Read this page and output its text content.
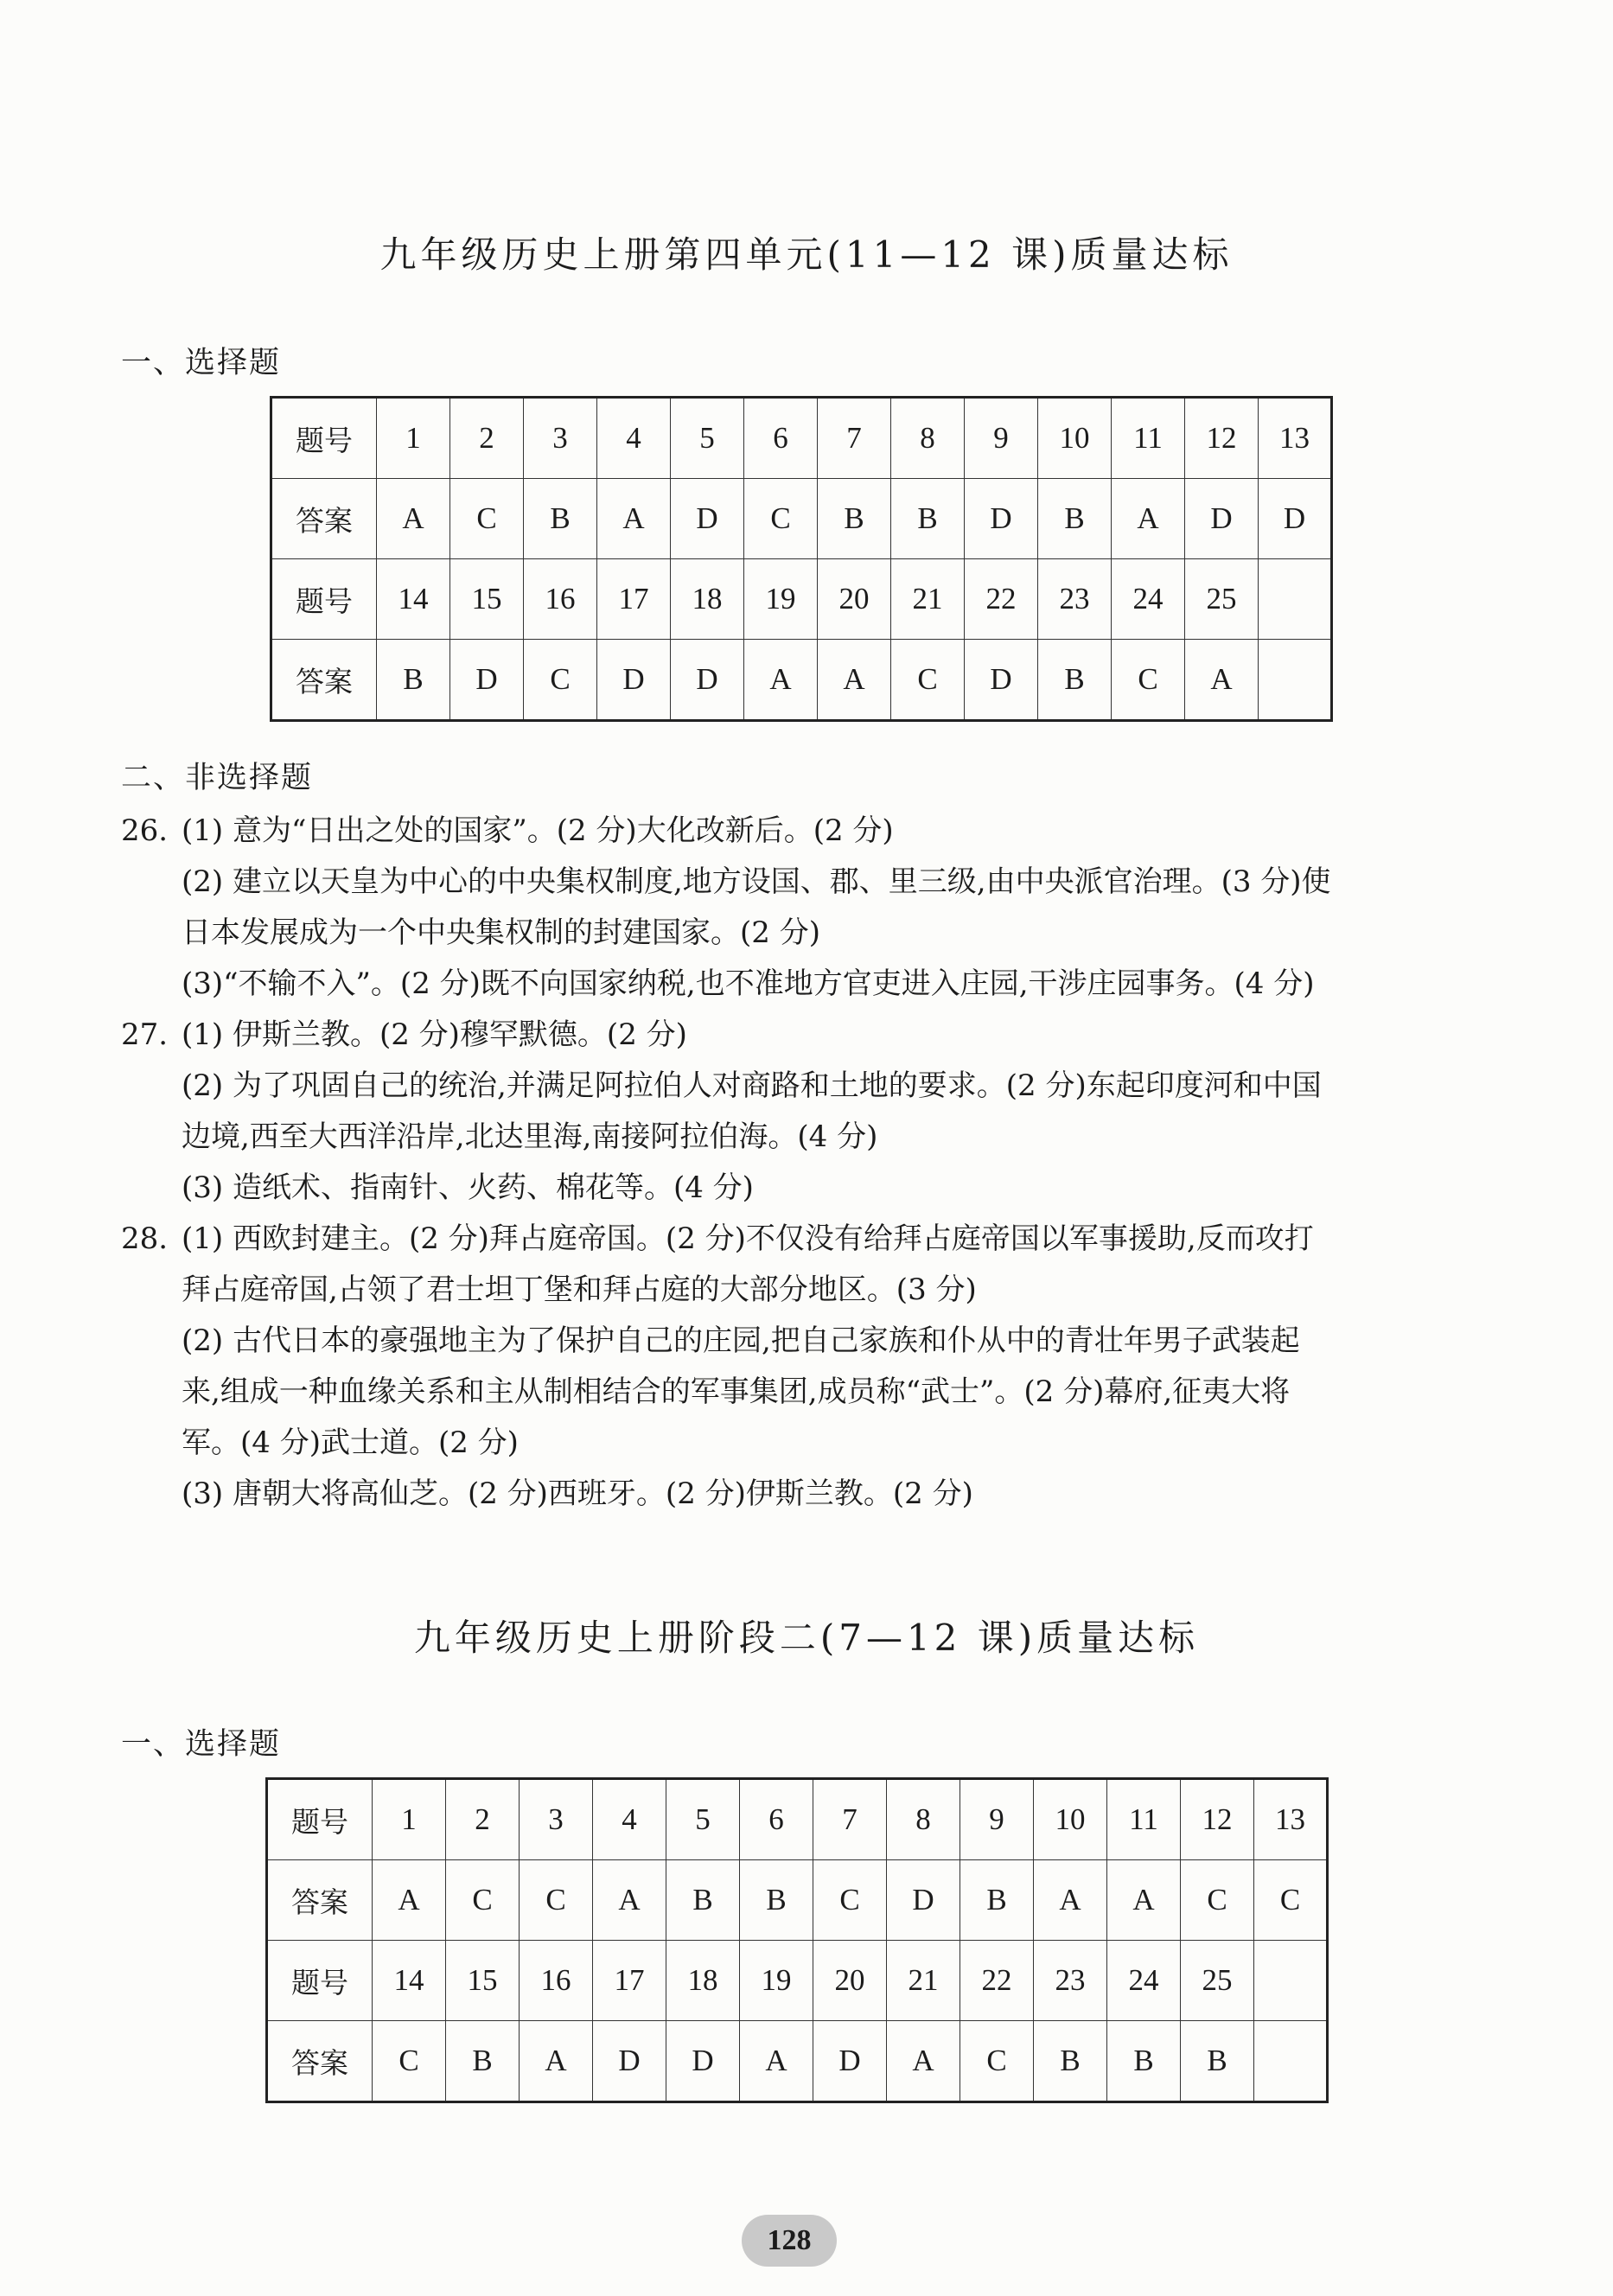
九年级历史上册第四单元(11—12 课)质量达标
一、选择题
题号	1	2	3	4	5	6	7	8	9	10	11	12	13
答案	A	C	B	A	D	C	B	B	D	B	A	D	D
题号	14	15	16	17	18	19	20	21	22	23	24	25	
答案	B	D	C	D	D	A	A	C	D	B	C	A	
二、非选择题
26. (1) 意为“日出之处的国家”。(2 分)大化改新后。(2 分)
(2) 建立以天皇为中心的中央集权制度,地方设国、郡、里三级,由中央派官治理。(3 分)使
日本发展成为一个中央集权制的封建国家。(2 分)
(3)“不输不入”。(2 分)既不向国家纳税,也不准地方官吏进入庄园,干涉庄园事务。(4 分)
27. (1) 伊斯兰教。(2 分)穆罕默德。(2 分)
(2) 为了巩固自己的统治,并满足阿拉伯人对商路和土地的要求。(2 分)东起印度河和中国
边境,西至大西洋沿岸,北达里海,南接阿拉伯海。(4 分)
(3) 造纸术、指南针、火药、棉花等。(4 分)
28. (1) 西欧封建主。(2 分)拜占庭帝国。(2 分)不仅没有给拜占庭帝国以军事援助,反而攻打
拜占庭帝国,占领了君士坦丁堡和拜占庭的大部分地区。(3 分)
(2) 古代日本的豪强地主为了保护自己的庄园,把自己家族和仆从中的青壮年男子武装起
来,组成一种血缘关系和主从制相结合的军事集团,成员称“武士”。(2 分)幕府,征夷大将
军。(4 分)武士道。(2 分)
(3) 唐朝大将高仙芝。(2 分)西班牙。(2 分)伊斯兰教。(2 分)
九年级历史上册阶段二(7—12 课)质量达标
一、选择题
题号	1	2	3	4	5	6	7	8	9	10	11	12	13
答案	A	C	C	A	B	B	C	D	B	A	A	C	C
题号	14	15	16	17	18	19	20	21	22	23	24	25	
答案	C	B	A	D	D	A	D	A	C	B	B	B	
128
